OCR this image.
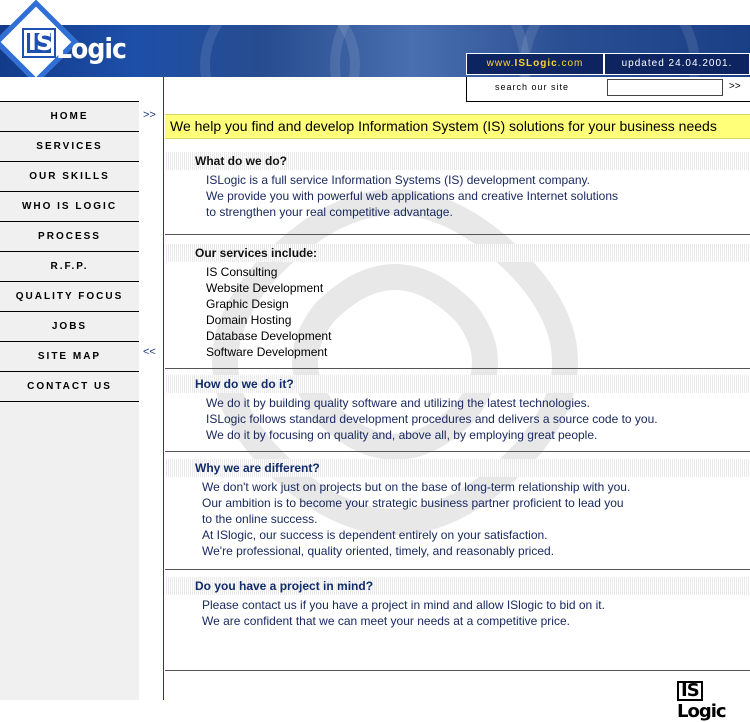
IS Logic	www.ISLogic.com	updated 24.04.2001.
search our site	>>
HOME
SERVICES
OUR SKILLS
WHO IS LOGIC
PROCESS
R.F.P.
QUALITY FOCUS
JOBS
SITE MAP
CONTACT US
>>
<<
We help you find and develop Information System (IS) solutions for your business needs
What do we do?
ISLogic is a full service Information Systems (IS) development company.
We provide you with powerful web applications and creative Internet solutions
to strengthen your real competitive advantage.
Our services include:
IS Consulting
Website Development
Graphic Design
Domain Hosting
Database Development
Software Development
How do we do it?
We do it by building quality software and utilizing the latest technologies.
ISLogic follows standard development procedures and delivers a source code to you.
We do it by focusing on quality and, above all, by employing great people.
Why we are different?
We don't work just on projects but on the base of long-term relationship with you.
Our ambition is to become your strategic business partner proficient to lead you
to the online success.
At ISlogic, our success is dependent entirely on your satisfaction.
We're professional, quality oriented, timely, and reasonably priced.
Do you have a project in mind?
Please contact us if you have a project in mind and allow ISlogic to bid on it.
We are confident that we can meet your needs at a competitive price.
ISLogic
